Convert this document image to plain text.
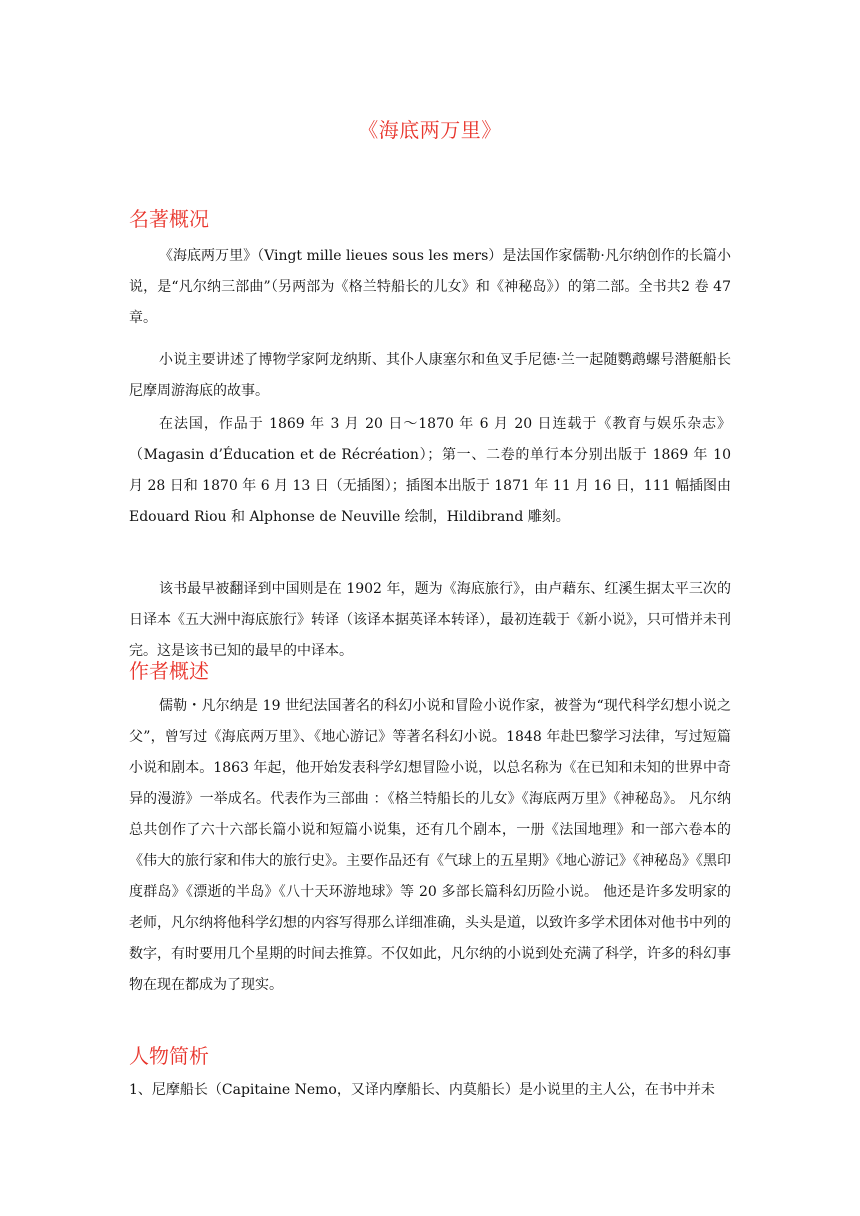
《海底两万里》
名著概况

《海底两万里》（Vingt mille lieues sous les mers）是法国作家儒勒·凡尔纳创作的长篇小说，是“凡尔纳三部曲”（另两部为《格兰特船长的儿女》和《神秘岛》）的第二部。全书共2 卷 47 章。

小说主要讲述了博物学家阿龙纳斯、其仆人康塞尔和鱼叉手尼德·兰一起随鹦鹉螺号潜艇船长尼摩周游海底的故事。

在法国，作品于 1869 年 3 月 20 日～1870 年 6 月 20 日连载于《教育与娱乐杂志》（Magasin d’Éducation et de Récréation）；第一、二卷的单行本分别出版于 1869 年 10 月 28 日和 1870 年 6 月 13 日（无插图）；插图本出版于 1871 年 11 月 16 日，111 幅插图由 Edouard Riou 和 Alphonse de Neuville 绘制，Hildibrand 雕刻。

该书最早被翻译到中国则是在 1902 年，题为《海底旅行》，由卢藉东、红溪生据太平三次的日译本《五大洲中海底旅行》转译（该译本据英译本转译），最初连载于《新小说》，只可惜并未刊完。这是该书已知的最早的中译本。

作者概述

儒勒・凡尔纳是 19 世纪法国著名的科幻小说和冒险小说作家，被誉为“现代科学幻想小说之父”，曾写过《海底两万里》、《地心游记》等著名科幻小说。1848 年赴巴黎学习法律，写过短篇小说和剧本。1863 年起，他开始发表科学幻想冒险小说，以总名称为《在已知和未知的世界中奇异的漫游》一举成名。代表作为三部曲 ：《格兰特船长的儿女》《海底两万里》《神秘岛》。 凡尔纳总共创作了六十六部长篇小说和短篇小说集，还有几个剧本，一册《法国地理》和一部六卷本的《伟大的旅行家和伟大的旅行史》。主要作品还有《气球上的五星期》《地心游记》《神秘岛》《黑印度群岛》《漂逝的半岛》《八十天环游地球》等 20 多部长篇科幻历险小说。 他还是许多发明家的老师，凡尔纳将他科学幻想的内容写得那么详细准确，头头是道，以致许多学术团体对他书中列的数字，有时要用几个星期的时间去推算。不仅如此，凡尔纳的小说到处充满了科学，许多的科幻事物在现在都成为了现实。

人物简析

1、尼摩船长（Capitaine Nemo，又译内摩船长、内莫船长）是小说里的主人公，在书中并未
